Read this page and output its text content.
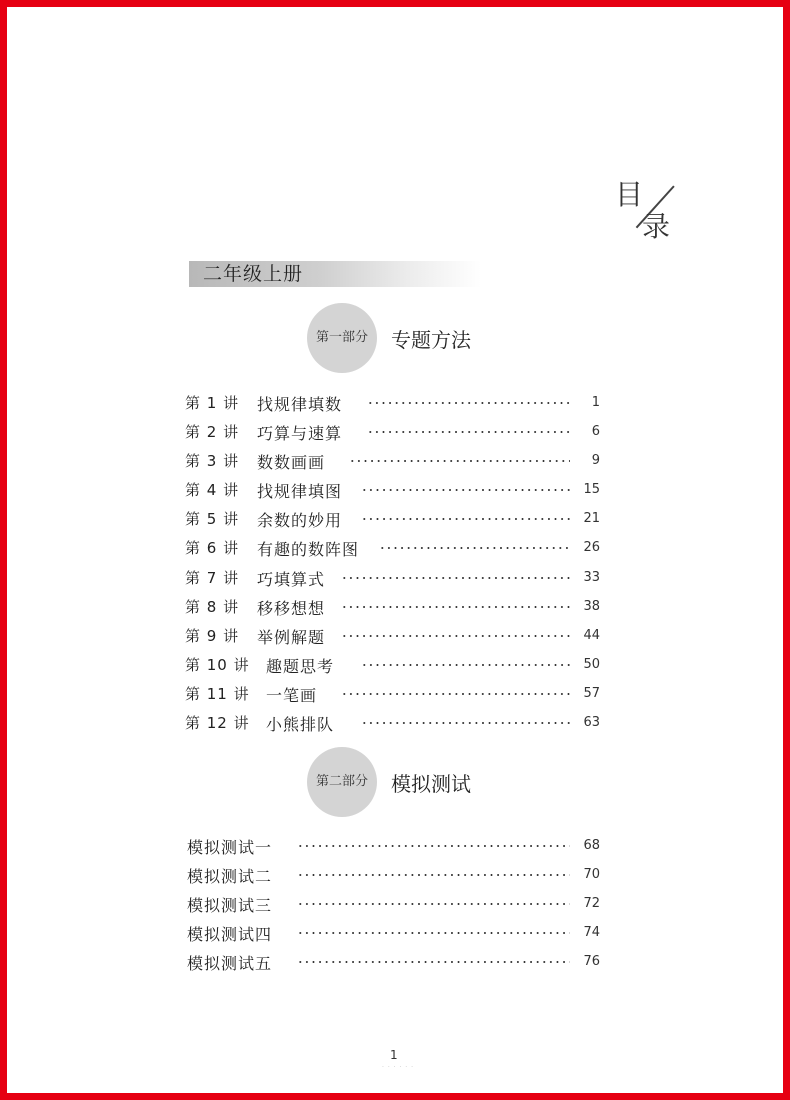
目
录
二年级上册
第一部分	专题方法
第 1 讲 找规律填数	1
第 2 讲 巧算与速算	6
第 3 讲 数数画画	9
第 4 讲 找规律填图	15
第 5 讲 余数的妙用	21
第 6 讲 有趣的数阵图	26
第 7 讲 巧填算式	33
第 8 讲 移移想想	38
第 9 讲 举例解题	44
第 10 讲 趣题思考	50
第 11 讲 一笔画	57
第 12 讲 小熊排队	63
第二部分	模拟测试
模拟测试一	68
模拟测试二	70
模拟测试三	72
模拟测试四	74
模拟测试五	76
1
· · · · · ·
